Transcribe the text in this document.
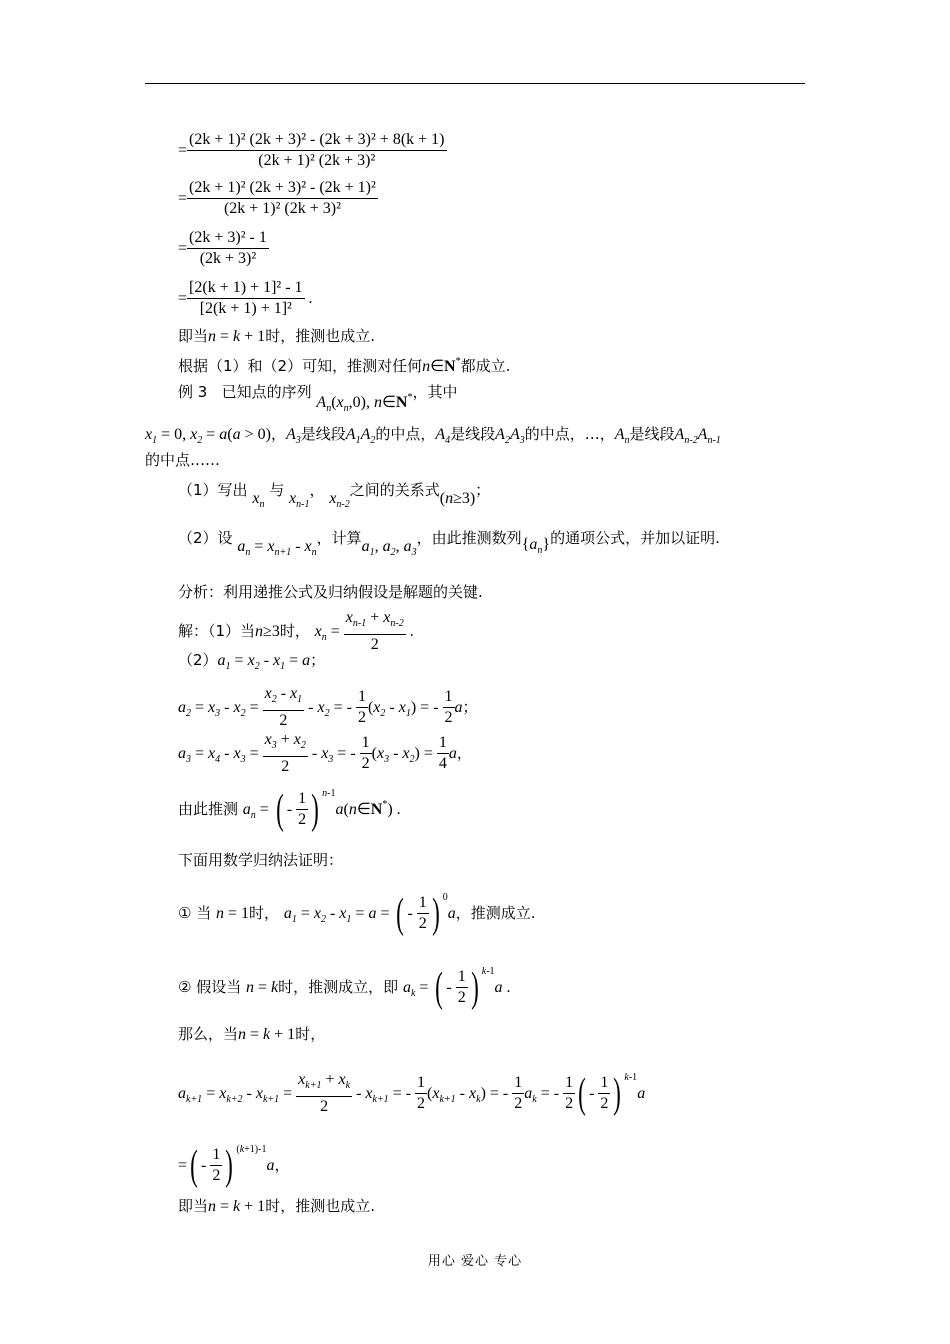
= $\frac{\text{(2k + 1)² (2k + 3)² - (2k + 3)² + 8(k + 1)}}{\text{(2k + 1)² (2k + 3)²}}$
= $\frac{\text{(2k + 1)² (2k + 3)² - (2k + 1)²}}{\text{(2k + 1)² (2k + 3)²}}$
= $\frac{\text{(2k + 3)² - 1}}{\text{(2k + 3)²}}$
= $\frac{\text{[2(k + 1) + 1]² - 1}}{\text{[2(k + 1) + 1]²}}$ .
即当n = k + 1时，推测也成立.
根据（1）和（2）可知，推测对任何n∈N*都成立.
例 3 已知点的序列 $A_n(x_n,0)$, n∈N*，其中
$x_1 = 0$, $x_2 = a(a > 0)$，$A_3$是线段$A_1A_2$的中点，$A_4$是线段$A_2A_3$的中点，…，$A_n$是线段$A_{n-2}A_{n-1}$
的中点……
（1）写出 $x_n$ 与 $x_{n-1}$， $x_{n-2}$之间的关系式(n≥3)；
（2）设 $a_n = x_{n+1} - x_n$，计算$a_1$, $a_2$, $a_3$，由此推测数列$\{a_n\}$的通项公式，并加以证明.
分析：利用递推公式及归纳假设是解题的关键.
解：（1）当n≥3时， $x_n = \frac{x_{n-1} + x_{n-2}}{2}$ .
$(2)a_1 = x_2 - x_1 = a$；
$a_2 = x_3 - x_2 = \frac{x_2 - x_1}{2} - x_2$ = - $\frac{1}{2} (x_2 - x_1)$ = - $\frac{1}{2}$ a；
$a_3 = x_4 - x_3 = \frac{x_3 + x_2}{2} - x_3$ = - $\frac{1}{2} (x_3 - x_2) = \frac{1}{4}$ a，
由此推测 $a_n$ = ( - $\frac{1}{2}$ ) $^{n-1}$a(n∈N*) .
下面用数学归纳法证明：
① 当 n = 1时， $a_1 = x_2 - x_1 = a$ = ( - $\frac{1}{2}$ ) $^0$a，推测成立.
② 假设当 n = k时，推测成立，即 $a_k$ = ( - $\frac{1}{2}$ ) $^{k-1}$a .
那么，当n = k + 1时，
$a_{k+1} = x_{k+2} - x_{k+1} = \frac{x_{k+1} + x_k}{2} - x_{k+1}$ = - $\frac{1}{2} (x_{k+1} - x_k)$ = - $\frac{1}{2} a_k$ = - $\frac{1}{2}$ ( - $\frac{1}{2}$ ) $^{k-1}$a
=( - $\frac{1}{2}$ ) $^{(k+1)-1}$a，
即当n = k + 1时，推测也成立.
用心 爱心 专心
